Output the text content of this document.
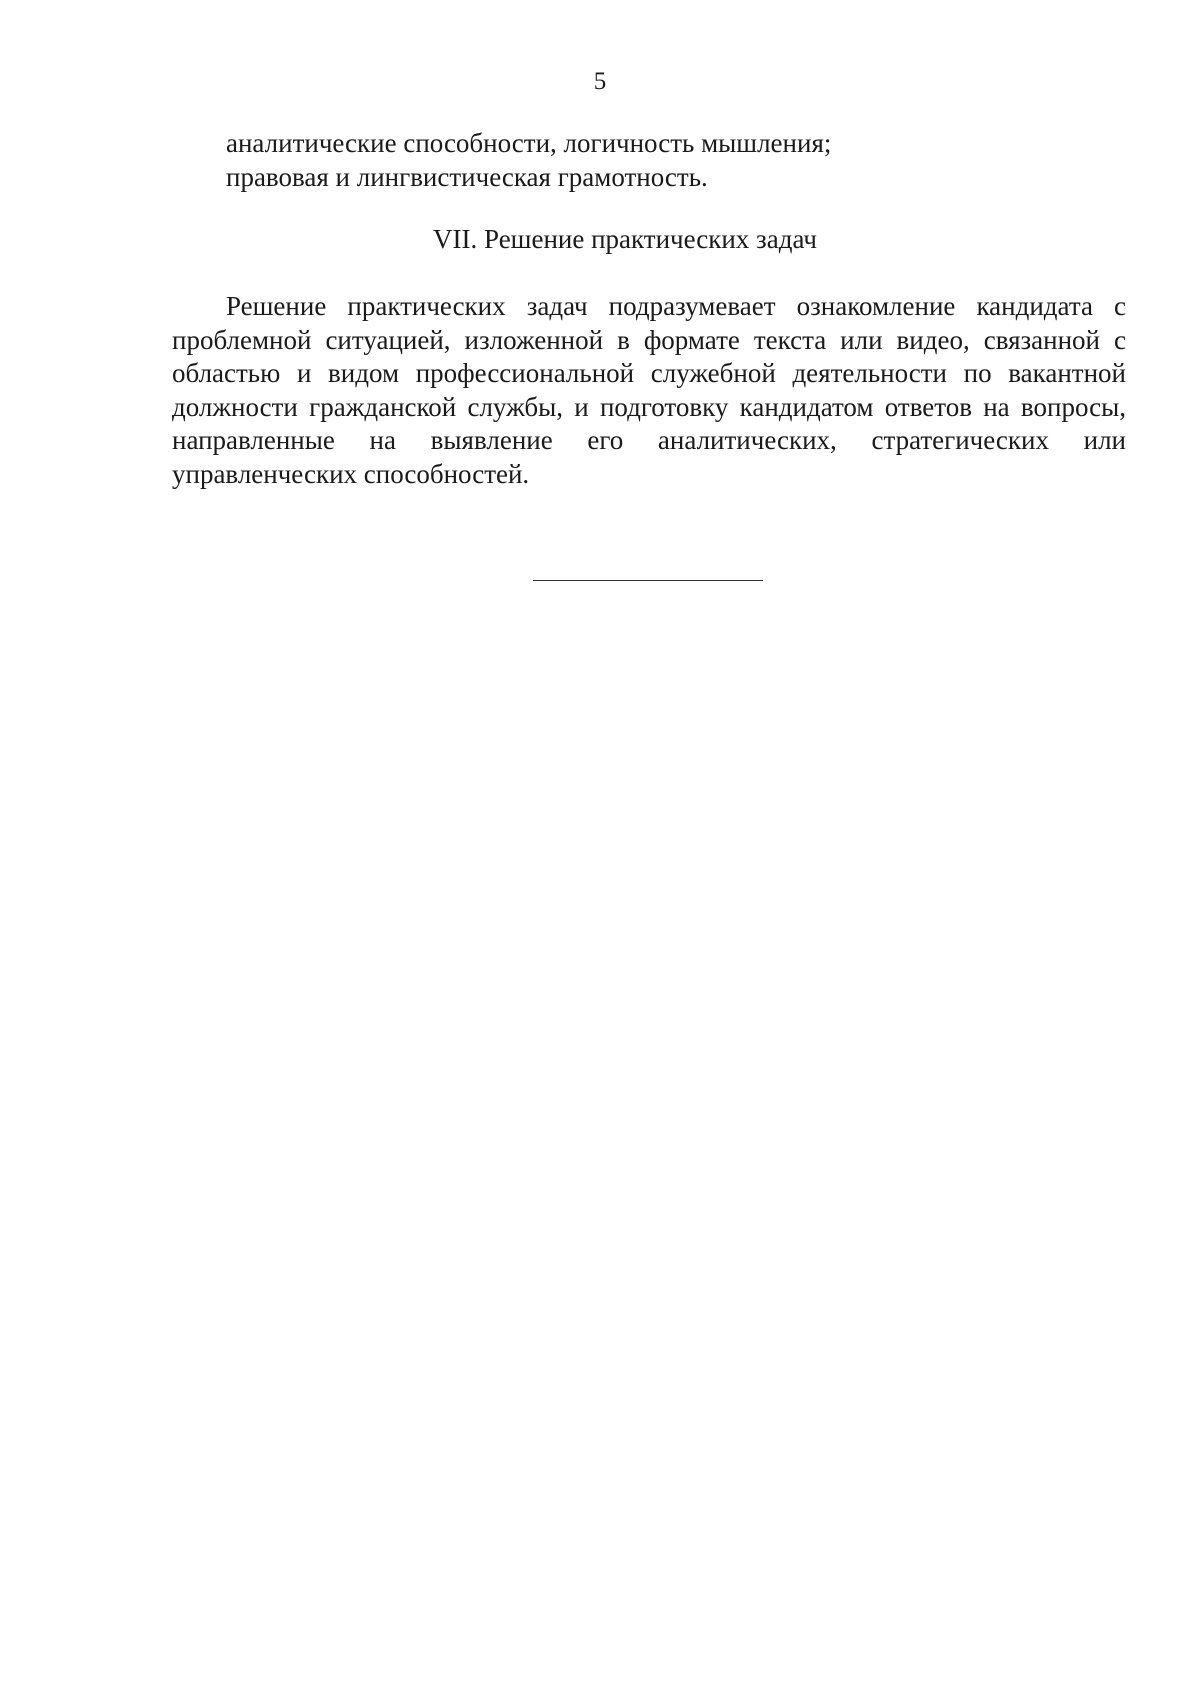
5
аналитические способности, логичность мышления;
правовая и лингвистическая грамотность.
VII. Решение практических задач

Решение практических задач подразумевает ознакомление кандидата с проблемной ситуацией, изложенной в формате текста или видео, связанной с областью и видом профессиональной служебной деятельности по вакантной должности гражданской службы, и подготовку кандидатом ответов на вопросы, направленные на выявление его аналитических, стратегических или управленческих способностей.
